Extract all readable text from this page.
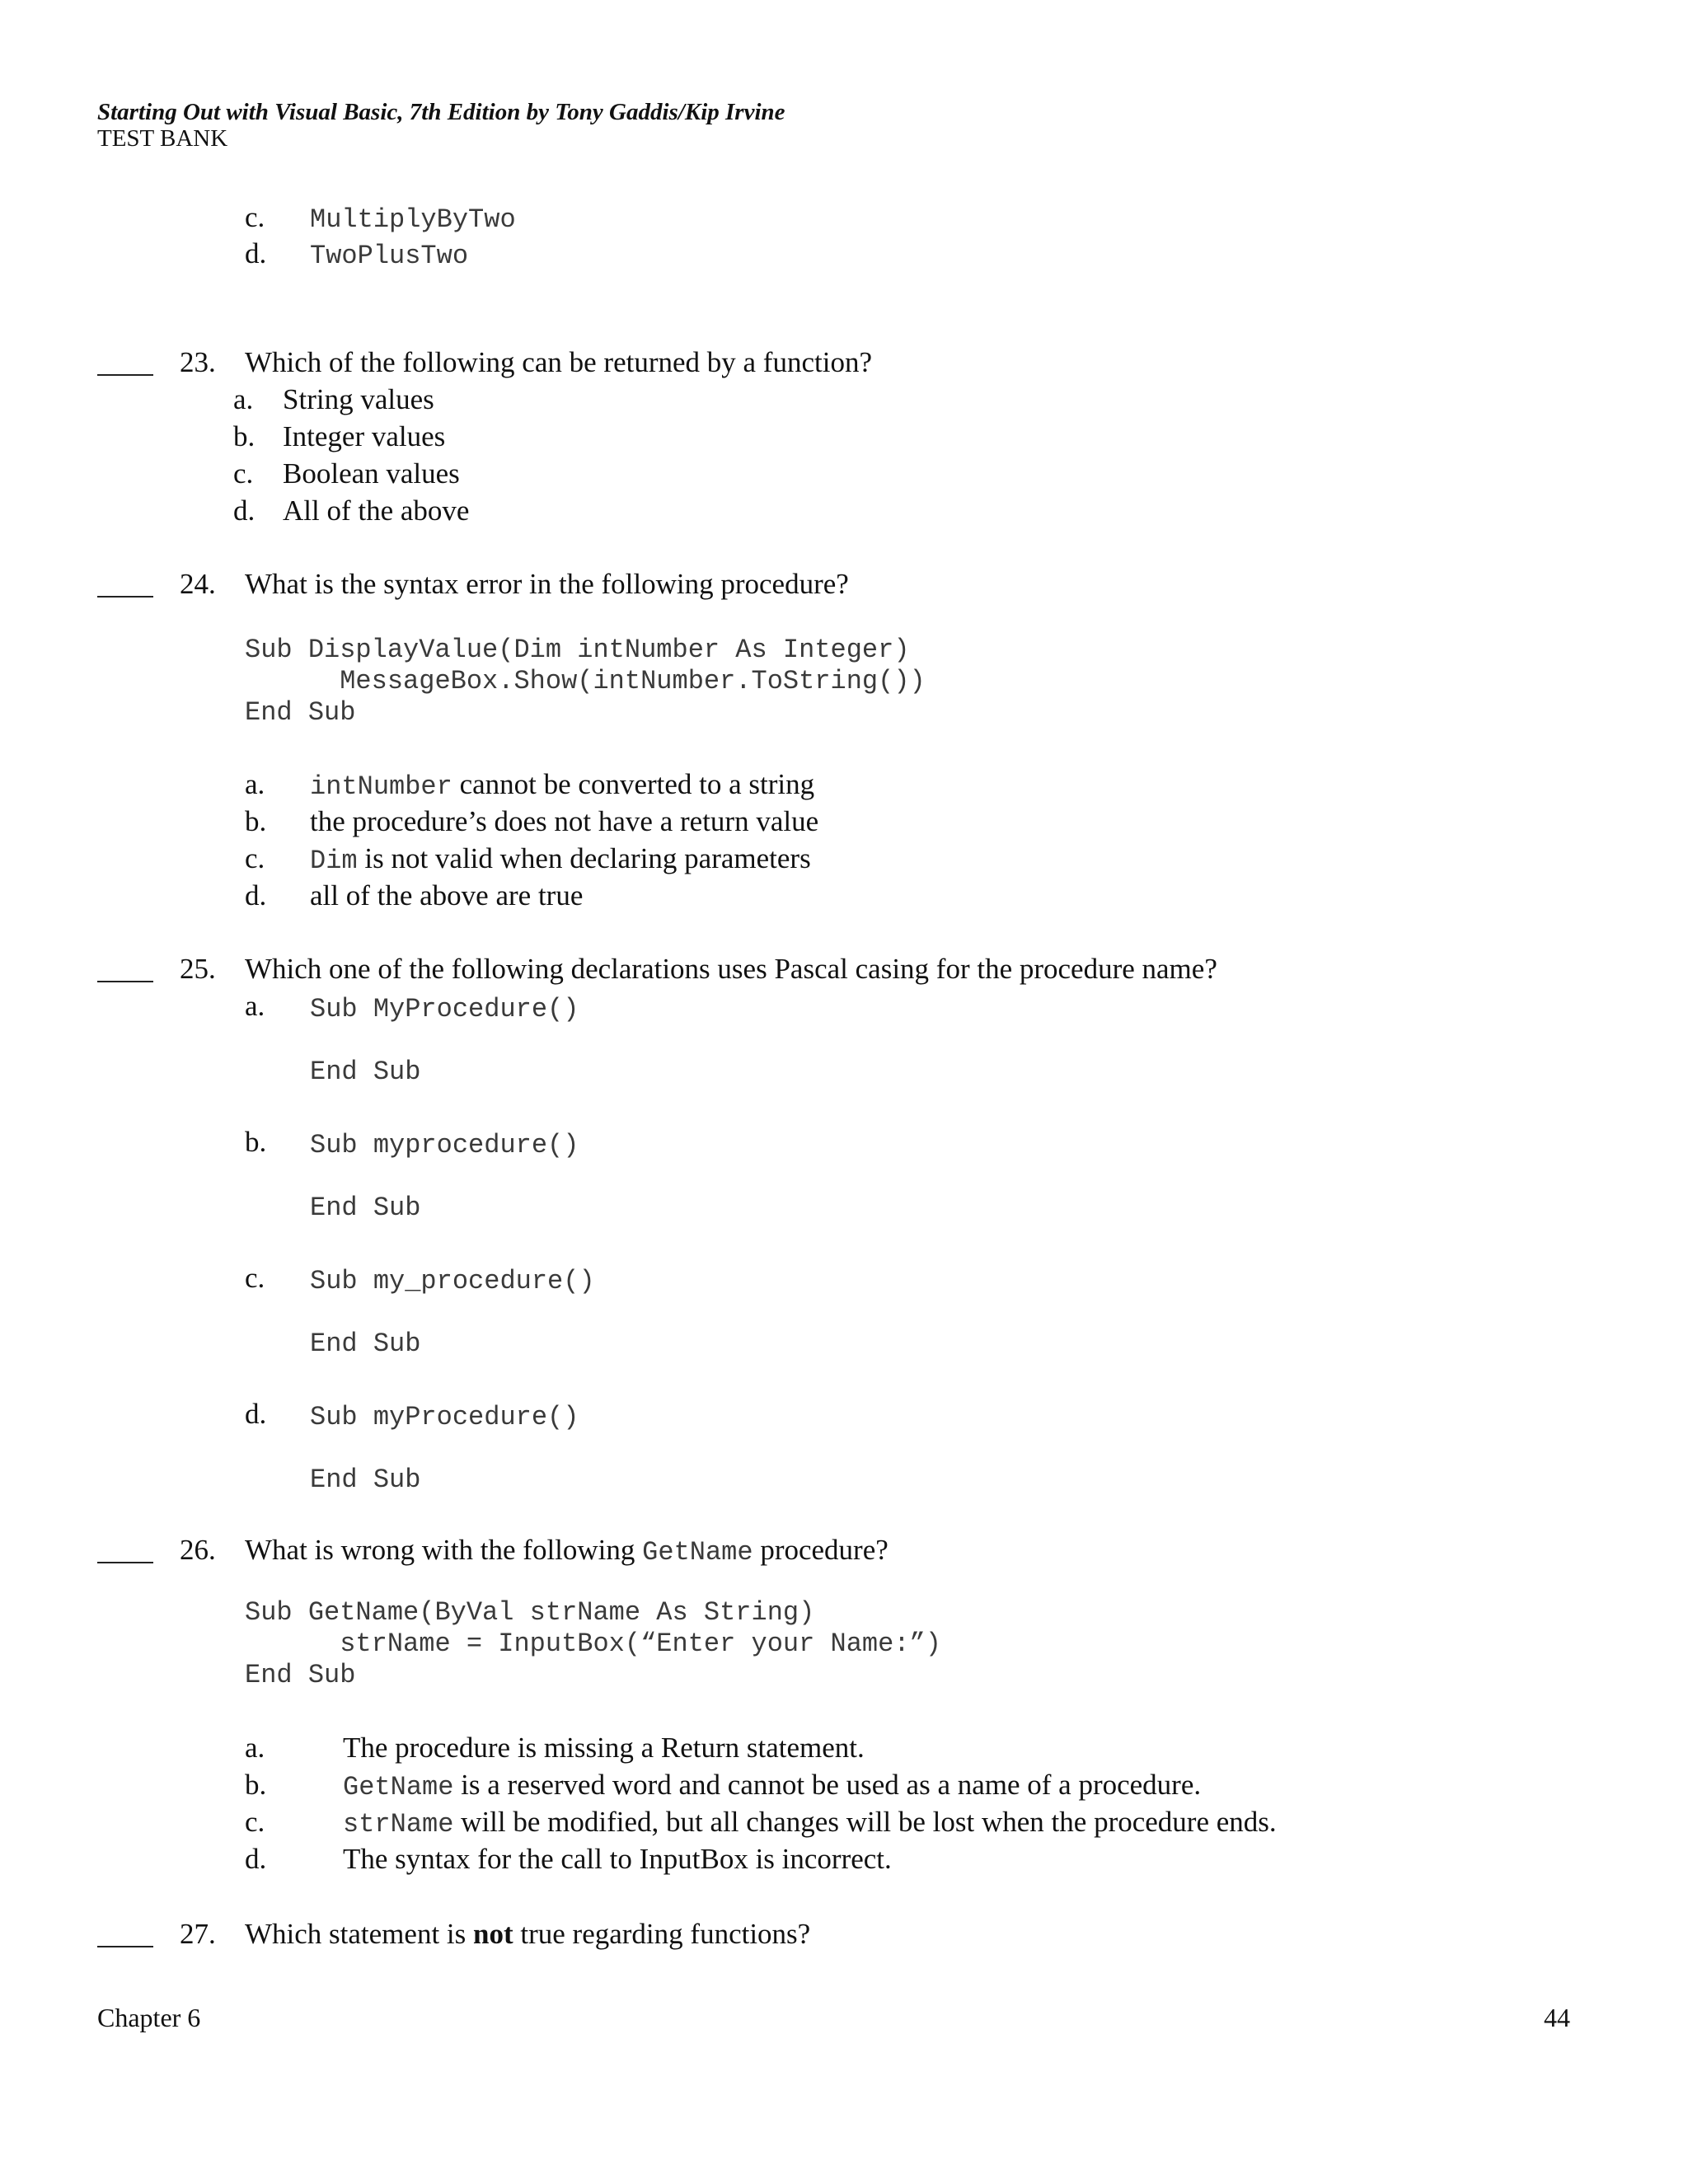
Starting Out with Visual Basic, 7th Edition by Tony Gaddis/Kip Irvine
TEST BANK
c. MultiplyByTwo
d. TwoPlusTwo
23. Which of the following can be returned by a function?
a. String values
b. Integer values
c. Boolean values
d. All of the above
24. What is the syntax error in the following procedure?
Sub DisplayValue(Dim intNumber As Integer)
MessageBox.Show(intNumber.ToString())
End Sub
a. intNumber cannot be converted to a string
b. the procedure’s does not have a return value
c. Dim is not valid when declaring parameters
d. all of the above are true
25. Which one of the following declarations uses Pascal casing for the procedure name?
a. Sub MyProcedure()
End Sub
b. Sub myprocedure()
End Sub
c. Sub my_procedure()
End Sub
d. Sub myProcedure()
End Sub
26. What is wrong with the following GetName procedure?
Sub GetName(ByVal strName As String)
strName = InputBox(“Enter your Name:”)
End Sub
a.	The procedure is missing a Return statement.
b.	GetName is a reserved word and cannot be used as a name of a procedure.
c.	strName will be modified, but all changes will be lost when the procedure ends.
d.	The syntax for the call to InputBox is incorrect.
27. Which statement is not true regarding functions?
Chapter 6	44
